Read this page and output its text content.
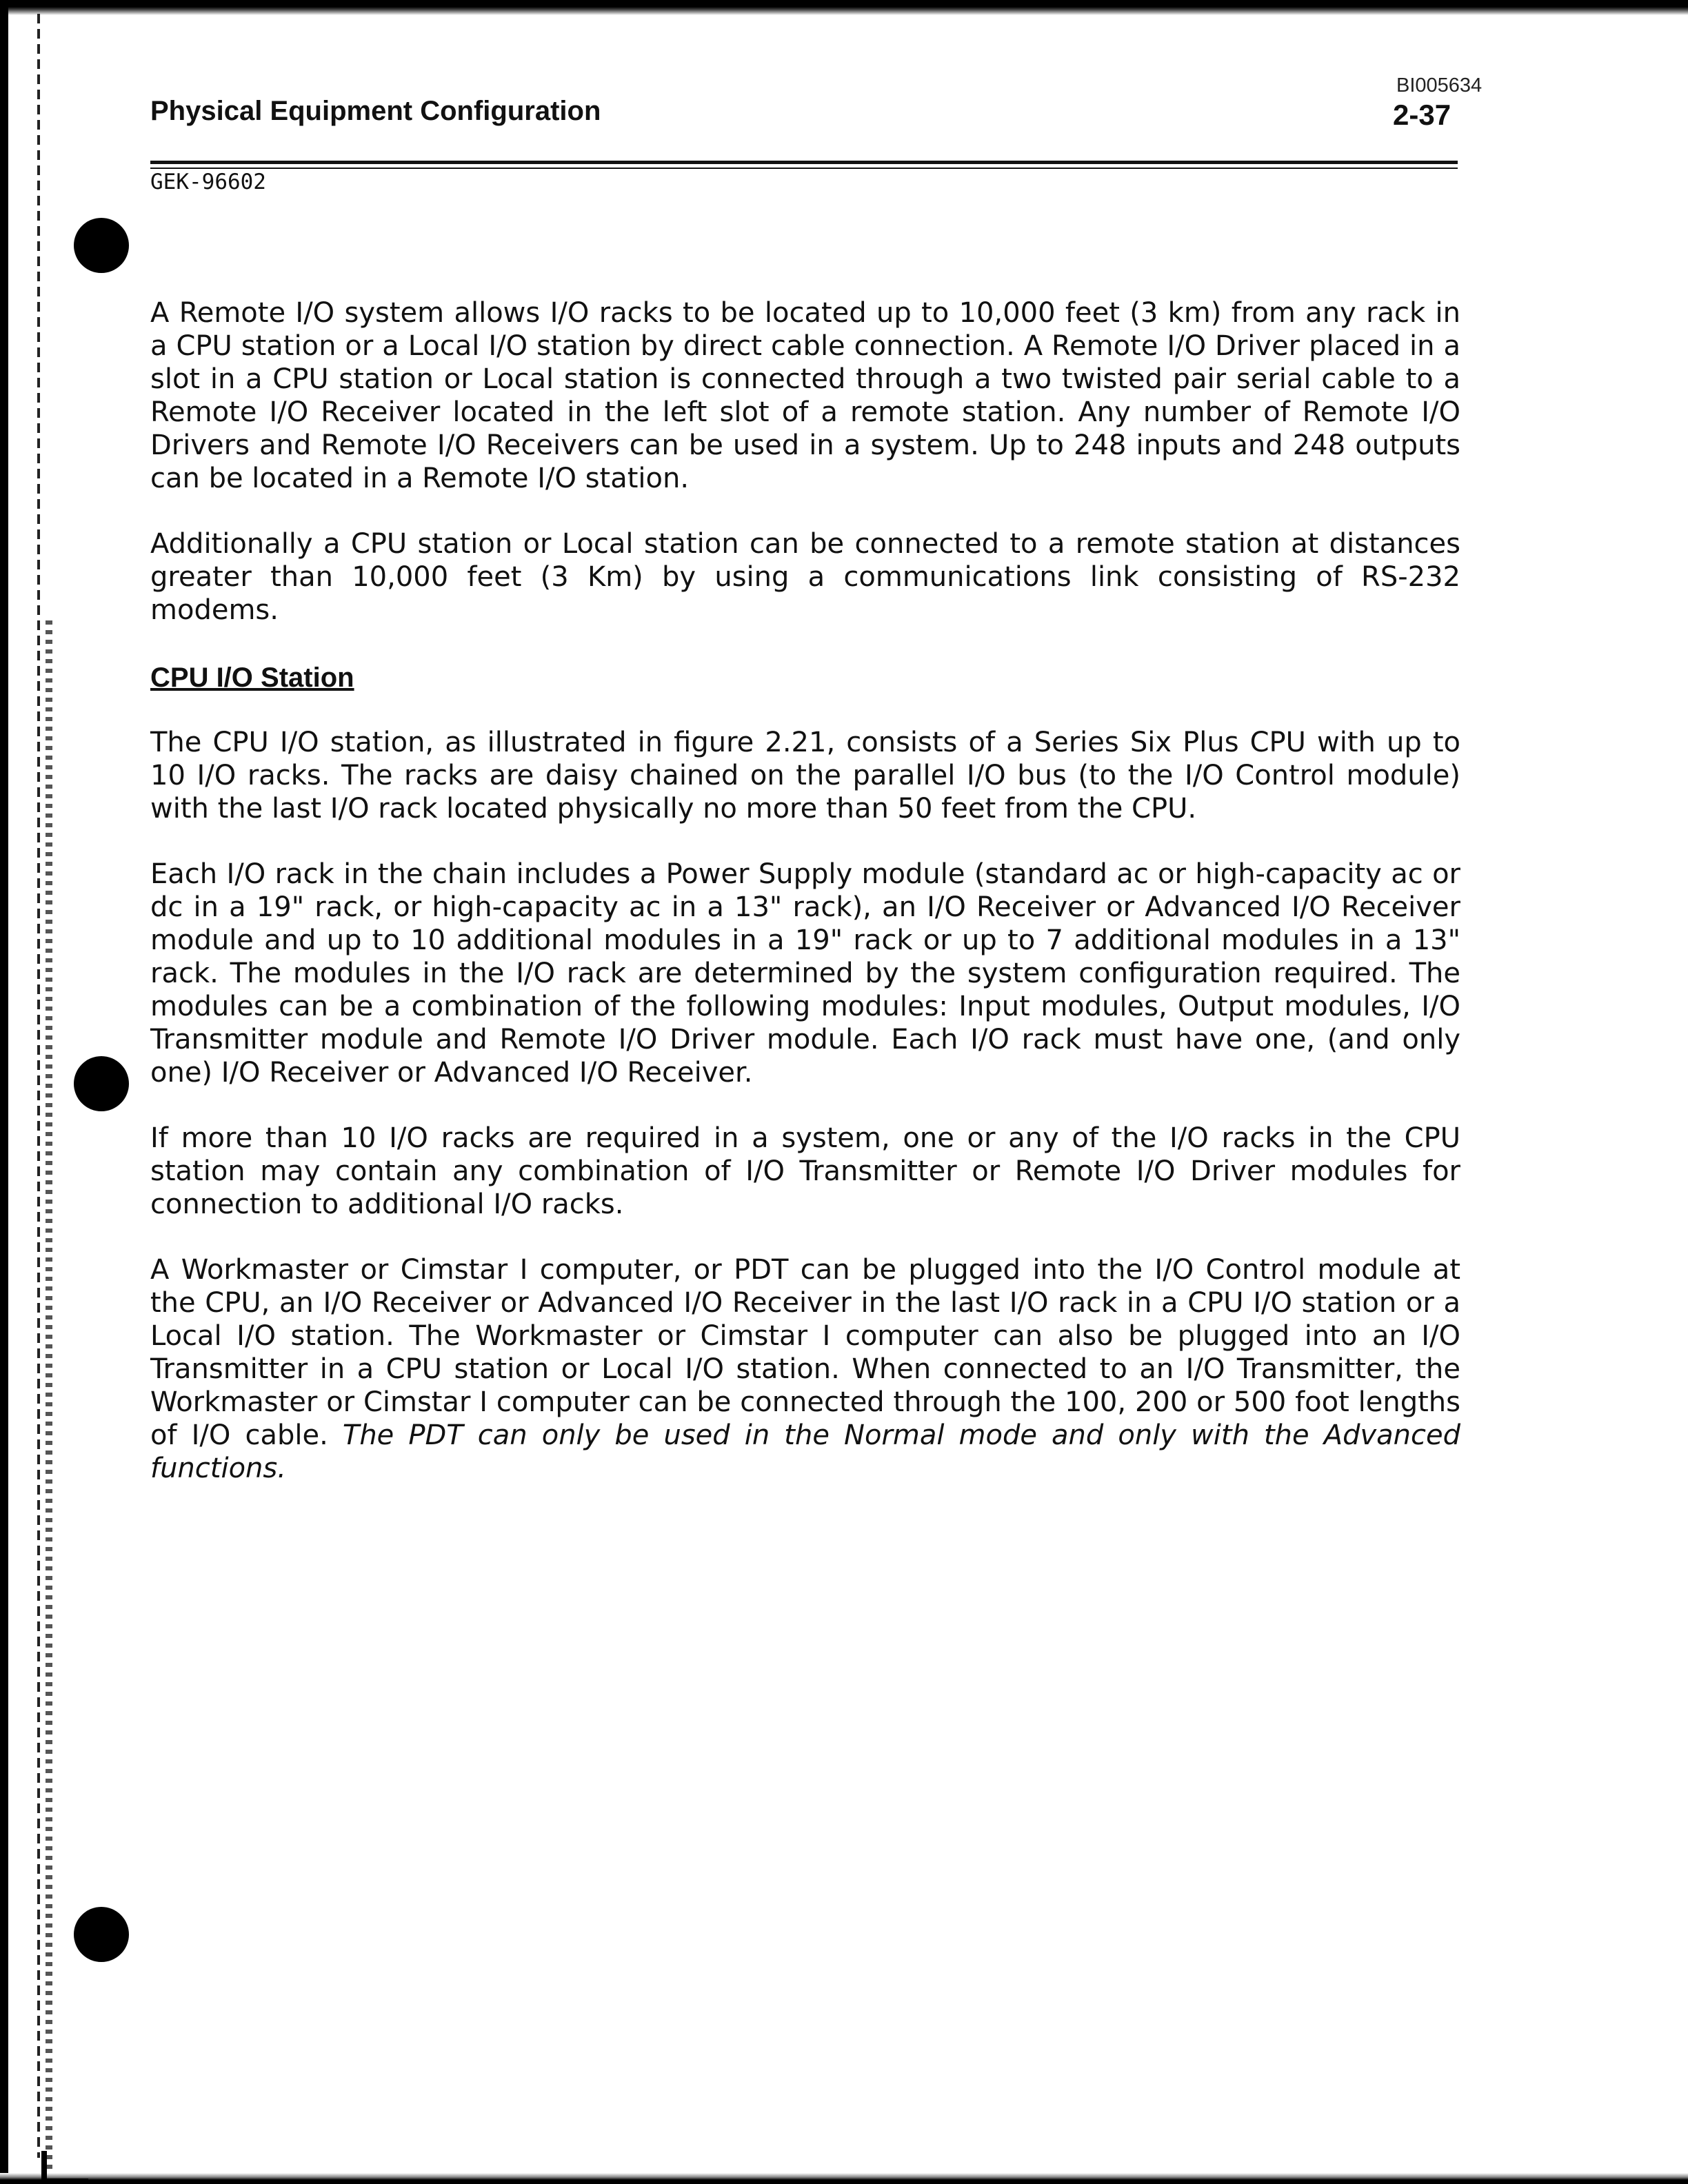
BI005634
2-37
Physical Equipment Configuration
GEK-96602

A Remote I/O system allows I/O racks to be located up to 10,000 feet (3 km) from any rack in a CPU station or a Local I/O station by direct cable connection. A Remote I/O Driver placed in a slot in a CPU station or Local station is connected through a two twisted pair serial cable to a Remote I/O Receiver located in the left slot of a remote station. Any number of Remote I/O Drivers and Remote I/O Receivers can be used in a system. Up to 248 inputs and 248 outputs can be located in a Remote I/O station.

Additionally a CPU station or Local station can be connected to a remote station at distances greater than 10,000 feet (3 Km) by using a communications link consisting of RS-232 modems.

CPU I/O Station

The CPU I/O station, as illustrated in figure 2.21, consists of a Series Six Plus CPU with up to 10 I/O racks. The racks are daisy chained on the parallel I/O bus (to the I/O Control module) with the last I/O rack located physically no more than 50 feet from the CPU.

Each I/O rack in the chain includes a Power Supply module (standard ac or high-capacity ac or dc in a 19" rack, or high-capacity ac in a 13" rack), an I/O Receiver or Advanced I/O Receiver module and up to 10 additional modules in a 19" rack or up to 7 additional modules in a 13" rack. The modules in the I/O rack are determined by the system configuration required. The modules can be a combination of the following modules: Input modules, Output modules, I/O Transmitter module and Remote I/O Driver module. Each I/O rack must have one, (and only one) I/O Receiver or Advanced I/O Receiver.

If more than 10 I/O racks are required in a system, one or any of the I/O racks in the CPU station may contain any combination of I/O Transmitter or Remote I/O Driver modules for connection to additional I/O racks.

A Workmaster or Cimstar I computer, or PDT can be plugged into the I/O Control module at the CPU, an I/O Receiver or Advanced I/O Receiver in the last I/O rack in a CPU I/O station or a Local I/O station. The Workmaster or Cimstar I computer can also be plugged into an I/O Transmitter in a CPU station or Local I/O station. When connected to an I/O Transmitter, the Workmaster or Cimstar I computer can be connected through the 100, 200 or 500 foot lengths of I/O cable. The PDT can only be used in the Normal mode and only with the Advanced functions.
